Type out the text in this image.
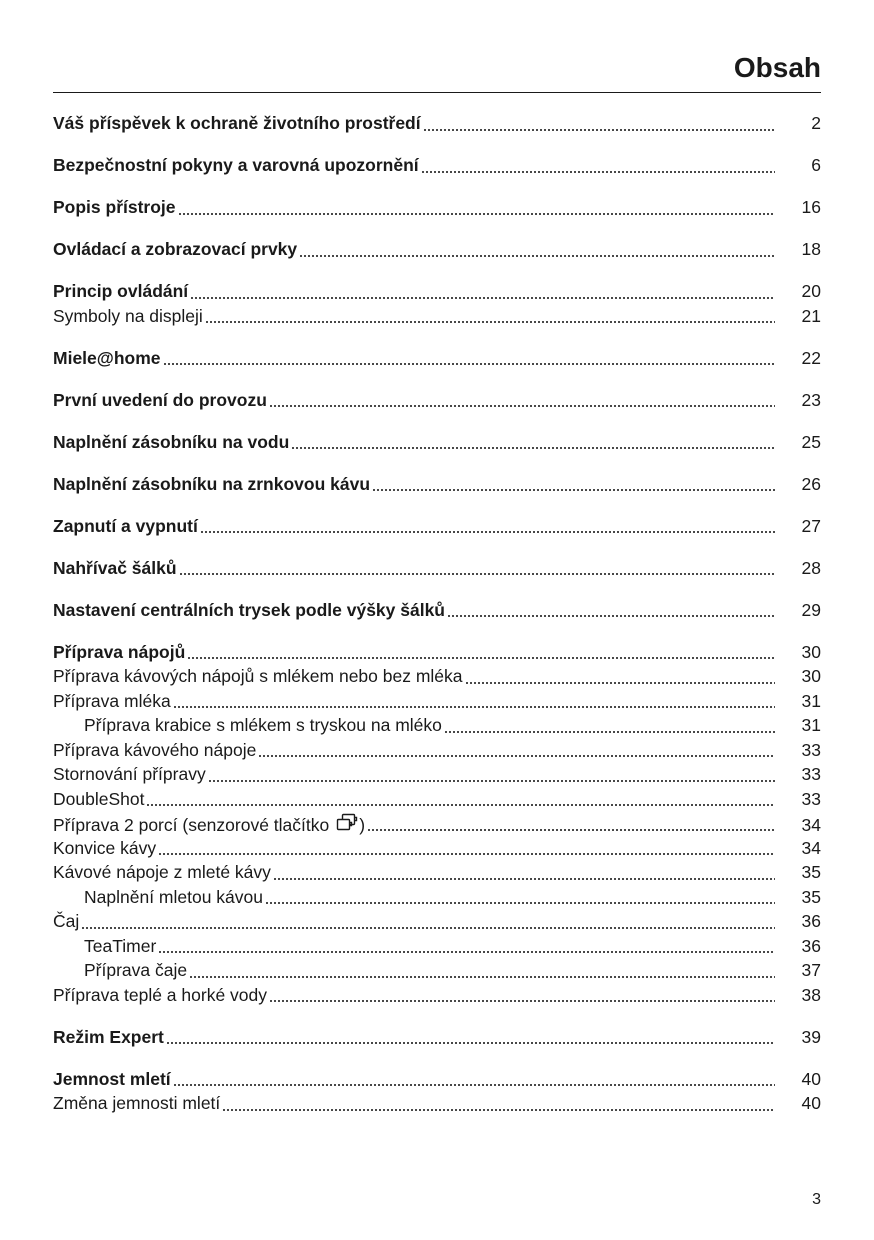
Obsah
Váš příspěvek k ochraně životního prostředí	2
Bezpečnostní pokyny a varovná upozornění	6
Popis přístroje	16
Ovládací a zobrazovací prvky	18
Princip ovládání	20
Symboly na displeji	21
Miele@home	22
První uvedení do provozu	23
Naplnění zásobníku na vodu	25
Naplnění zásobníku na zrnkovou kávu	26
Zapnutí a vypnutí	27
Nahřívač šálků	28
Nastavení centrálních trysek podle výšky šálků	29
Příprava nápojů	30
Příprava kávových nápojů s mlékem nebo bez mléka	30
Příprava mléka	31
Příprava krabice s mlékem s tryskou na mléko	31
Příprava kávového nápoje	33
Stornování přípravy	33
DoubleShot	33
Příprava 2 porcí (senzorové tlačítko )	34
Konvice kávy	34
Kávové nápoje z mleté kávy	35
Naplnění mletou kávou	35
Čaj	36
TeaTimer	36
Příprava čaje	37
Příprava teplé a horké vody	38
Režim Expert	39
Jemnost mletí	40
Změna jemnosti mletí	40

3
